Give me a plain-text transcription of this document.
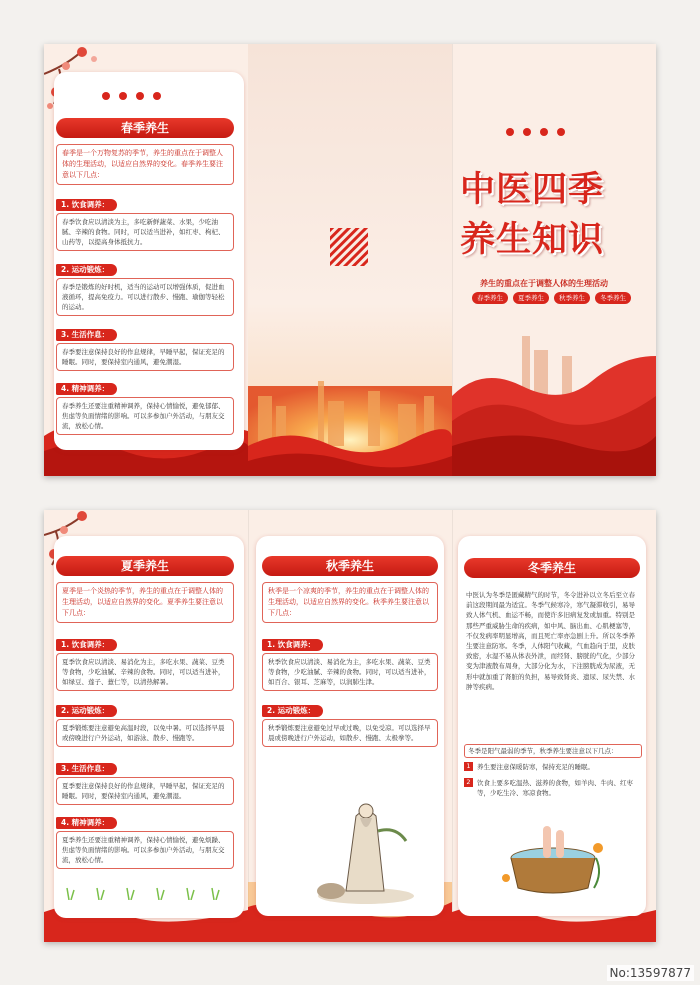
春季养生
春季是一个万物复苏的季节，养生的重点在于调整人体的生理活动，以适应自然界的变化。春季养生要注意以下几点：
1. 饮食调养：
春季饮食应以清淡为主，多吃新鲜蔬菜、水果，少吃油腻、辛辣的食物。同时，可以适当进补，如红枣、枸杞、山药等，以提高身体抵抗力。
2. 运动锻炼：
春季是锻炼的好时机，适当的运动可以增强体质，促进血液循环，提高免疫力。可以进行散步、慢跑、瑜伽等轻松的运动。
3. 生活作息：
春季要注意保持良好的作息规律，早睡早起，保证充足的睡眠。同时，要保持室内通风，避免潮湿。
4. 精神调养：
春季养生还要注重精神调养，保持心情愉悦，避免郁郁、焦虑等负面情绪的影响。可以多参加户外活动，与朋友交流，放松心情。
中医四季
养生知识
养生的重点在于调整人体的生理活动
春季养生	夏季养生	秋季养生	冬季养生
夏季养生
夏季是一个炎热的季节，养生的重点在于调整人体的生理活动，以适应自然界的变化。夏季养生要注意以下几点：
1. 饮食调养：
夏季饮食应以清淡、易消化为主，多吃水果、蔬菜、豆类等食物，少吃油腻、辛辣的食物。同时，可以适当进补，如绿豆、莲子、薏仁等，以清热解暑。
2. 运动锻炼：
夏季锻炼要注意避免高温时段，以免中暑。可以选择早晨或傍晚进行户外运动，如游泳、散步、慢跑等。
3. 生活作息：
夏季要注意保持良好的作息规律，早睡早起，保证充足的睡眠。同时，要保持室内通风，避免潮湿。
4. 精神调养：
夏季养生还要注重精神调养，保持心情愉悦，避免烦躁、焦虑等负面情绪的影响。可以多参加户外活动，与朋友交流，放松心情。
秋季养生
秋季是一个凉爽的季节，养生的重点在于调整人体的生理活动，以适应自然界的变化。秋季养生要注意以下几点：
1. 饮食调养：
秋季饮食应以清淡、易消化为主，多吃水果、蔬菜、豆类等食物，少吃油腻、辛辣的食物。同时，可以适当进补，如百合、银耳、芝麻等，以润肺生津。
2. 运动锻炼：
秋季锻炼要注意避免过早或过晚，以免受凉。可以选择早晨或傍晚进行户外运动，如散步、慢跑、太极拳等。
冬季养生
中医认为冬季是匿藏精气的时节，冬令进补以立冬后至立春前这段期间最为适宜。冬季气候寒冷，寒气凝滞收引，易导致人体气机、血运不畅，而使许多旧病复发或加重。特别是那些严重威胁生命的疾病，如中风、脑出血、心肌梗塞等，不仅发病率明显增高，而且死亡率亦急剧上升。所以冬季养生要注意防寒。冬季，人体阳气收藏，气血趋向于里，皮肤致密，水湿不易从体表外泄，而经肾、膀胱的气化，少部分变为津液散布周身，大部分化为水，下注膀胱成为尿液，无形中就加重了肾脏的负担，易导致肾炎、遗尿、尿失禁、水肿等疾病。
冬季是阳气最弱的季节，秋季养生要注意以下几点：
1 养生要注意保暖防寒，保持充足的睡眠。
2 饮食上要多吃温热、滋养的食物，如羊肉、牛肉、红枣等，少吃生冷、寒凉食物。
No:13597877
